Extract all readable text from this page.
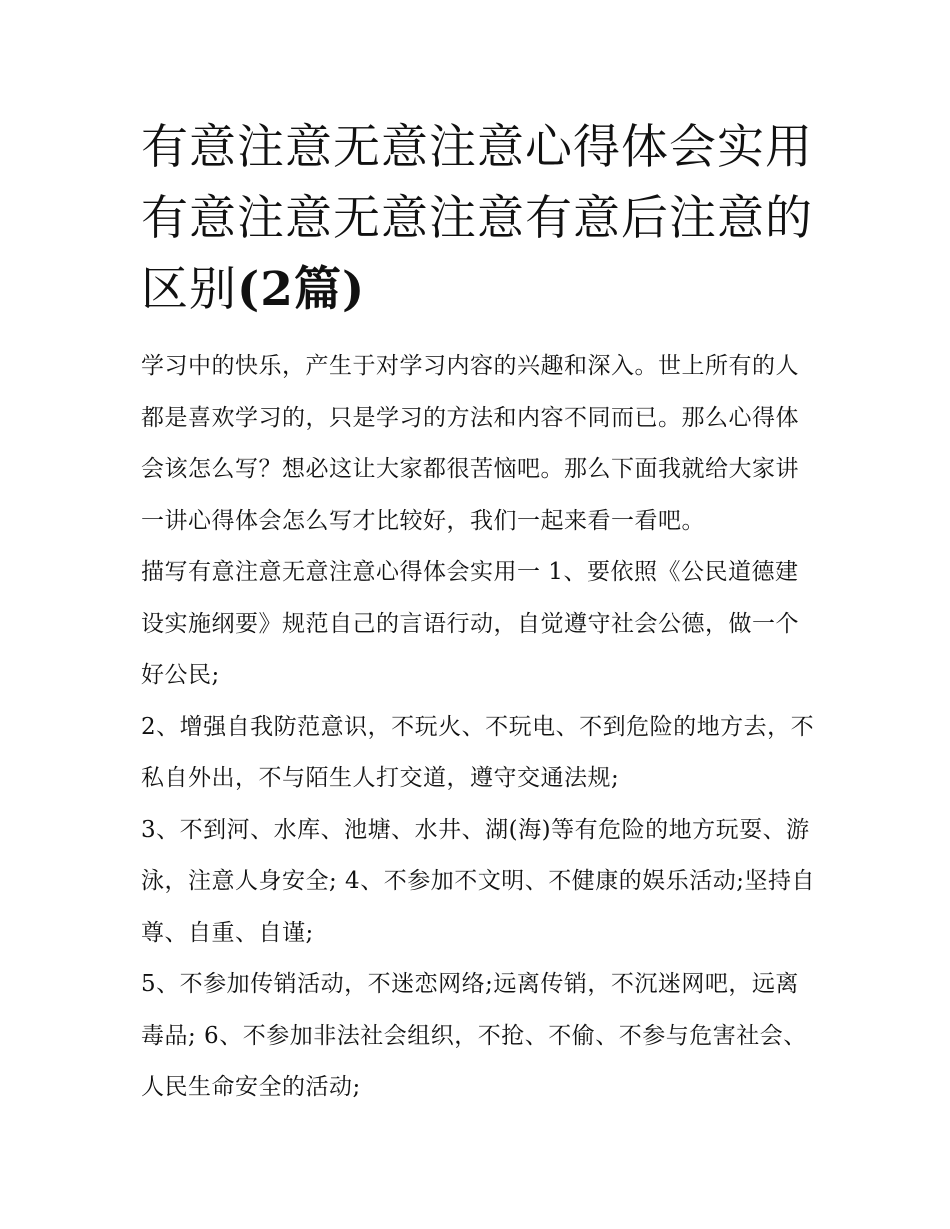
有意注意无意注意心得体会实用 有意注意无意注意有意后注意的区别(2篇)

学习中的快乐，产生于对学习内容的兴趣和深入。世上所有的人都是喜欢学习的，只是学习的方法和内容不同而已。那么心得体会该怎么写？想必这让大家都很苦恼吧。那么下面我就给大家讲一讲心得体会怎么写才比较好，我们一起来看一看吧。

描写有意注意无意注意心得体会实用一 1、要依照《公民道德建设实施纲要》规范自己的言语行动，自觉遵守社会公德，做一个好公民;

2、增强自我防范意识，不玩火、不玩电、不到危险的地方去，不私自外出，不与陌生人打交道，遵守交通法规;

3、不到河、水库、池塘、水井、湖(海)等有危险的地方玩耍、游泳，注意人身安全; 4、不参加不文明、不健康的娱乐活动;坚持自尊、自重、自谨;

5、不参加传销活动，不迷恋网络;远离传销，不沉迷网吧，远离毒品; 6、不参加非法社会组织，不抢、不偷、不参与危害社会、人民生命安全的活动;
